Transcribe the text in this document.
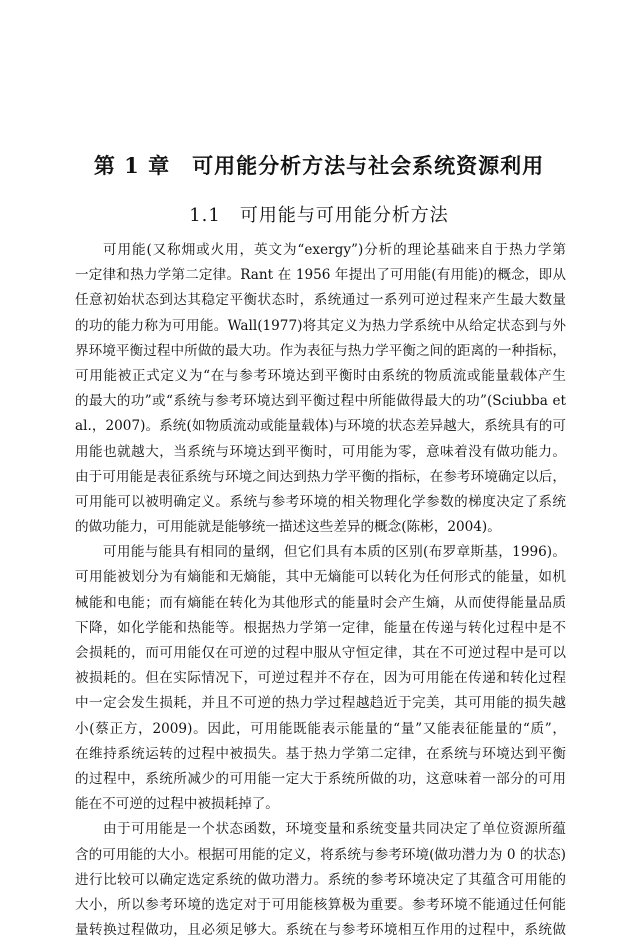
第 1 章　可用能分析方法与社会系统资源利用
1.1　可用能与可用能分析方法
可用能(又称㶲或火用，英文为“exergy”)分析的理论基础来自于热力学第
一定律和热力学第二定律。Rant 在 1956 年提出了可用能(有用能)的概念，即从
任意初始状态到达其稳定平衡状态时，系统通过一系列可逆过程来产生最大数量
的功的能力称为可用能。Wall(1977)将其定义为热力学系统中从给定状态到与外
界环境平衡过程中所做的最大功。作为表征与热力学平衡之间的距离的一种指标，
可用能被正式定义为“在与参考环境达到平衡时由系统的物质流或能量载体产生
的最大的功”或“系统与参考环境达到平衡过程中所能做得最大的功”(Sciubba et
al.，2007)。系统(如物质流动或能量载体)与环境的状态差异越大，系统具有的可
用能也就越大，当系统与环境达到平衡时，可用能为零，意味着没有做功能力。
由于可用能是表征系统与环境之间达到热力学平衡的指标，在参考环境确定以后，
可用能可以被明确定义。系统与参考环境的相关物理化学参数的梯度决定了系统
的做功能力，可用能就是能够统一描述这些差异的概念(陈彬，2004)。
可用能与能具有相同的量纲，但它们具有本质的区别(布罗章斯基，1996)。
可用能被划分为有熵能和无熵能，其中无熵能可以转化为任何形式的能量，如机
械能和电能；而有熵能在转化为其他形式的能量时会产生熵，从而使得能量品质
下降，如化学能和热能等。根据热力学第一定律，能量在传递与转化过程中是不
会损耗的，而可用能仅在可逆的过程中服从守恒定律，其在不可逆过程中是可以
被损耗的。但在实际情况下，可逆过程并不存在，因为可用能在传递和转化过程
中一定会发生损耗，并且不可逆的热力学过程越趋近于完美，其可用能的损失越
小(蔡正方，2009)。因此，可用能既能表示能量的“量”又能表征能量的“质”，
在维持系统运转的过程中被损失。基于热力学第二定律，在系统与环境达到平衡
的过程中，系统所减少的可用能一定大于系统所做的功，这意味着一部分的可用
能在不可逆的过程中被损耗掉了。
由于可用能是一个状态函数，环境变量和系统变量共同决定了单位资源所蕴
含的可用能的大小。根据可用能的定义，将系统与参考环境(做功潜力为 0 的状态)
进行比较可以确定选定系统的做功潜力。系统的参考环境决定了其蕴含可用能的
大小，所以参考环境的选定对于可用能核算极为重要。参考环境不能通过任何能
量转换过程做功，且必须足够大。系统在与参考环境相互作用的过程中，系统做
